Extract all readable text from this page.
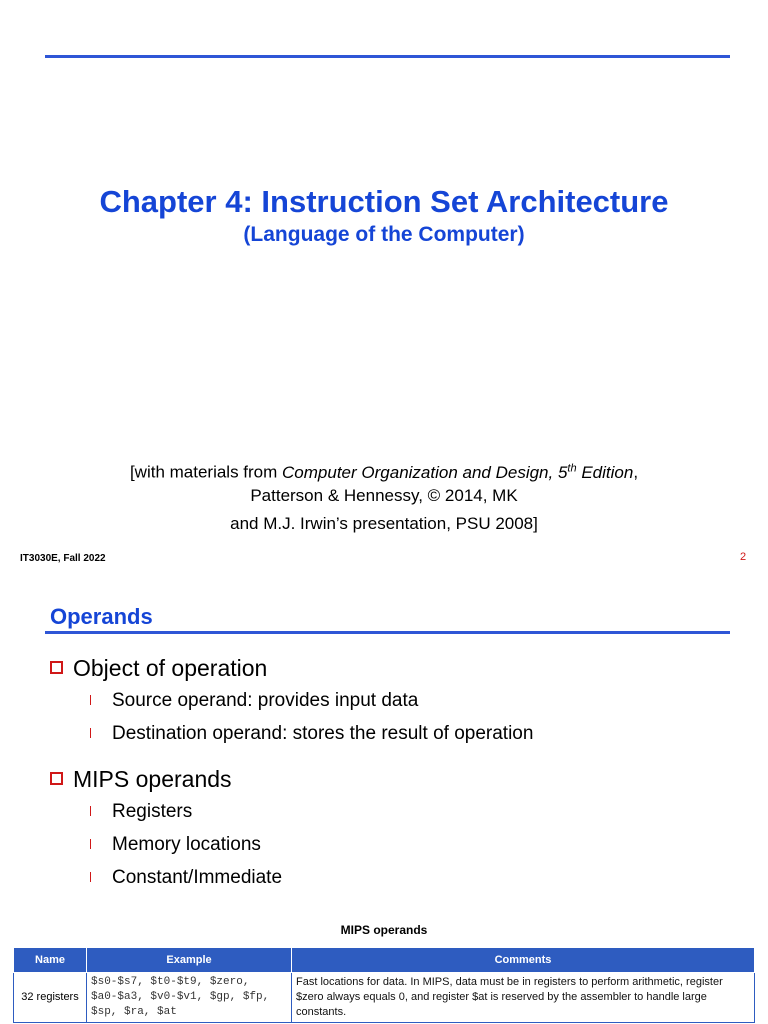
Chapter 4: Instruction Set Architecture
(Language of the Computer)
[with materials from Computer Organization and Design, 5th Edition,
Patterson & Hennessy, © 2014, MK
and M.J. Irwin’s presentation, PSU 2008]
IT3030E, Fall 2022	2
Operands
Object of operation
Source operand: provides input data
Destination operand: stores the result of operation
MIPS operands
Registers
Memory locations
Constant/Immediate
MIPS operands
Name	Example	Comments
32 registers	$s0-$s7, $t0-$t9, $zero, $a0-$a3, $v0-$v1, $gp, $fp, $sp, $ra, $at	Fast locations for data. In MIPS, data must be in registers to perform arithmetic, register $zero always equals 0, and register $at is reserved by the assembler to handle large constants.
